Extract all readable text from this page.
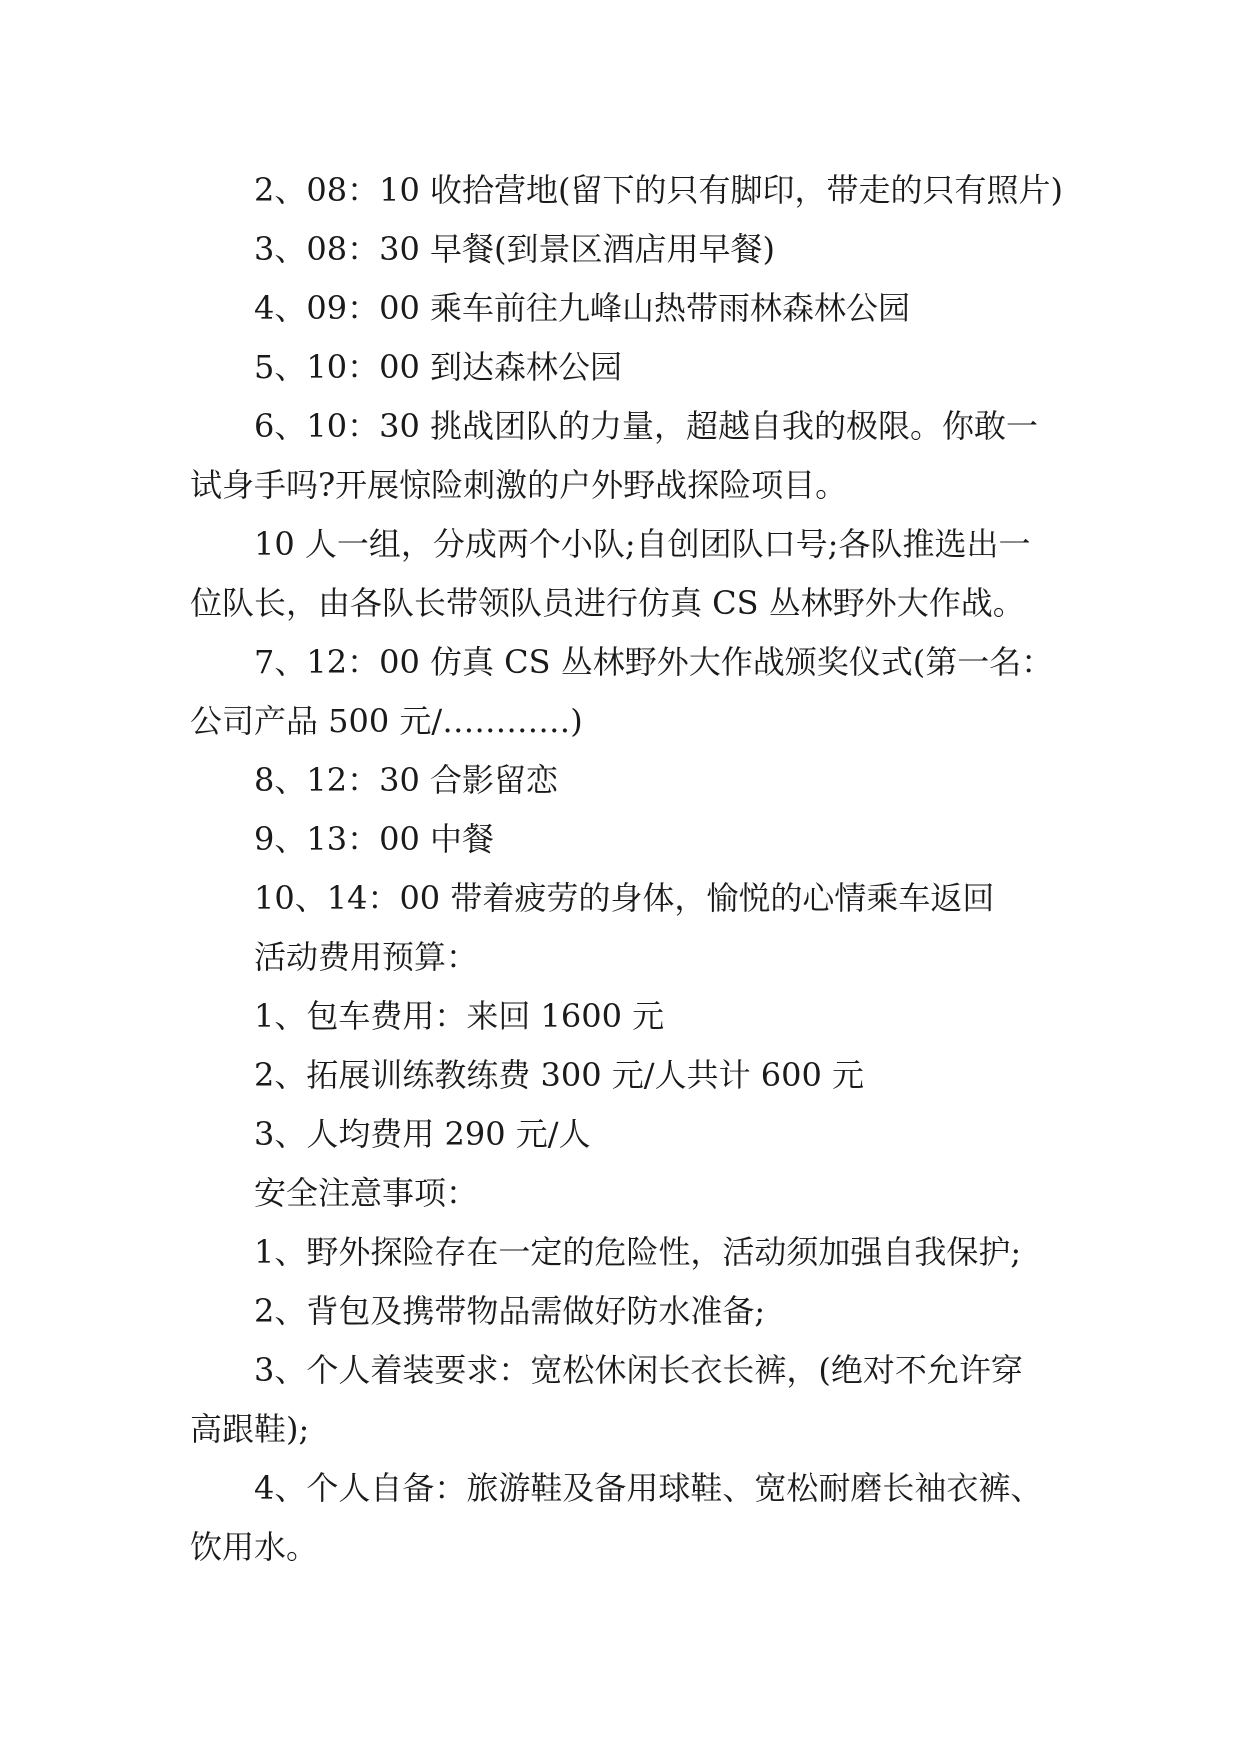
2、08：10 收拾营地(留下的只有脚印，带走的只有照片)
3、08：30 早餐(到景区酒店用早餐)
4、09：00 乘车前往九峰山热带雨林森林公园
5、10：00 到达森林公园
6、10：30 挑战团队的力量，超越自我的极限。你敢一
试身手吗?开展惊险刺激的户外野战探险项目。
10 人一组，分成两个小队;自创团队口号;各队推选出一
位队长，由各队长带领队员进行仿真 CS 丛林野外大作战。
7、12：00 仿真 CS 丛林野外大作战颁奖仪式(第一名：
公司产品 500 元/…………)
8、12：30 合影留恋
9、13：00 中餐
10、14：00 带着疲劳的身体，愉悦的心情乘车返回
活动费用预算：
1、包车费用：来回 1600 元
2、拓展训练教练费 300 元/人共计 600 元
3、人均费用 290 元/人
安全注意事项：
1、野外探险存在一定的危险性，活动须加强自我保护;
2、背包及携带物品需做好防水准备;
3、个人着装要求：宽松休闲长衣长裤，(绝对不允许穿
高跟鞋);
4、个人自备：旅游鞋及备用球鞋、宽松耐磨长袖衣裤、
饮用水。
